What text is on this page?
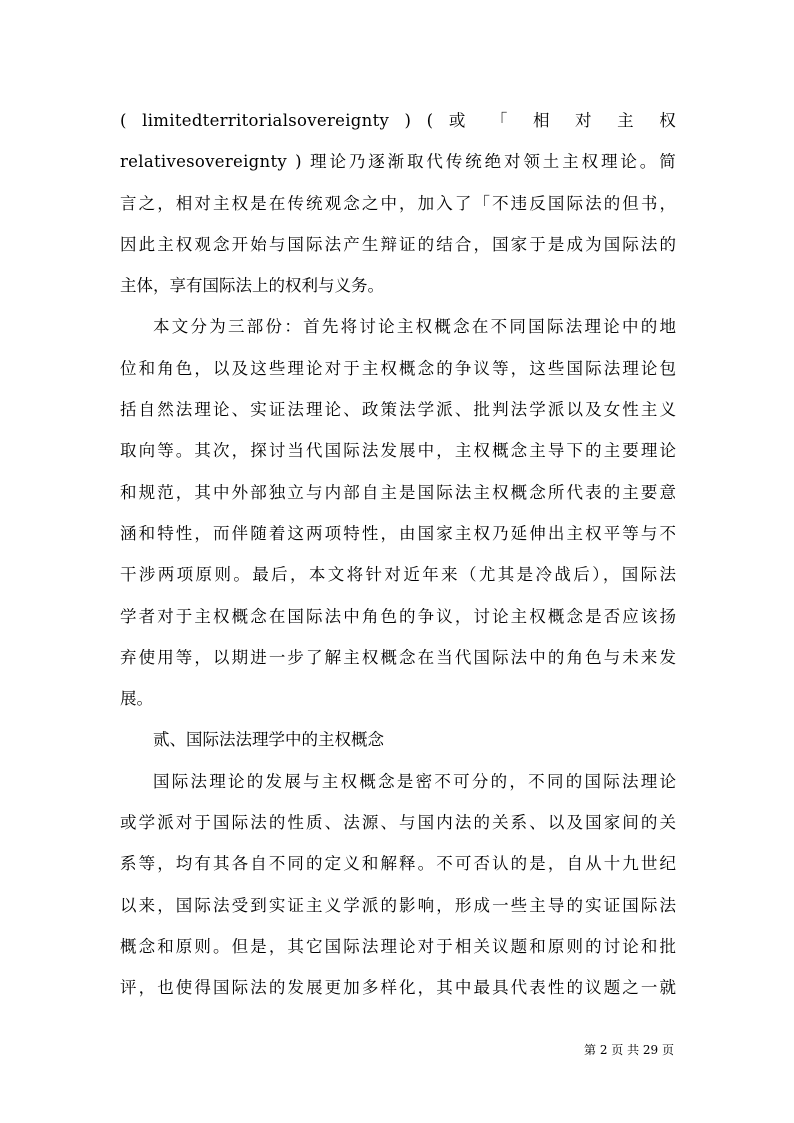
( limitedterritorialsovereignty ) ( 或 「 相 对 主 权
relativesovereignty ) 理论乃逐渐取代传统绝对领土主权理论。简
言之，相对主权是在传统观念之中，加入了「不违反国际法的但书，
因此主权观念开始与国际法产生辩证的结合，国家于是成为国际法的
主体，享有国际法上的权利与义务。
本文分为三部份：首先将讨论主权概念在不同国际法理论中的地
位和角色，以及这些理论对于主权概念的争议等，这些国际法理论包
括自然法理论、实证法理论、政策法学派、批判法学派以及女性主义
取向等。其次，探讨当代国际法发展中，主权概念主导下的主要理论
和规范，其中外部独立与内部自主是国际法主权概念所代表的主要意
涵和特性，而伴随着这两项特性，由国家主权乃延伸出主权平等与不
干涉两项原则。最后，本文将针对近年来（尤其是冷战后），国际法
学者对于主权概念在国际法中角色的争议，讨论主权概念是否应该扬
弃使用等，以期进一步了解主权概念在当代国际法中的角色与未来发
展。
贰、国际法法理学中的主权概念
国际法理论的发展与主权概念是密不可分的，不同的国际法理论
或学派对于国际法的性质、法源、与国内法的关系、以及国家间的关
系等，均有其各自不同的定义和解释。不可否认的是，自从十九世纪
以来，国际法受到实证主义学派的影响，形成一些主导的实证国际法
概念和原则。但是，其它国际法理论对于相关议题和原则的讨论和批
评，也使得国际法的发展更加多样化，其中最具代表性的议题之一就
第 2 页 共 29 页
